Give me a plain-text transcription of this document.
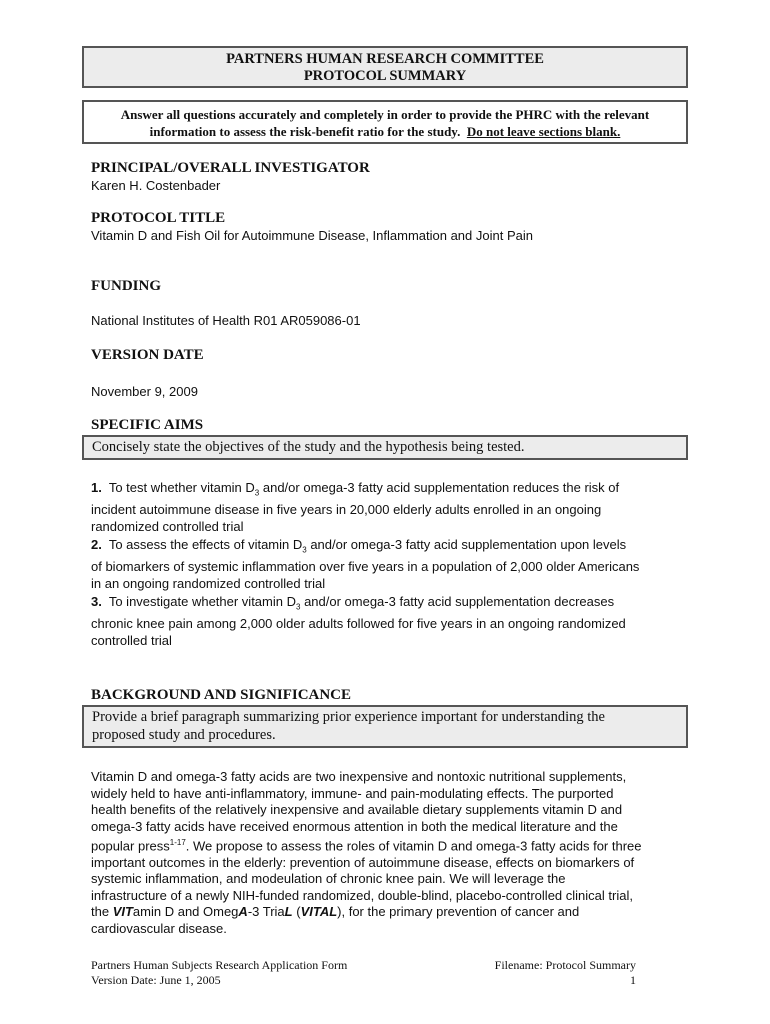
PARTNERS HUMAN RESEARCH COMMITTEE
PROTOCOL SUMMARY
Answer all questions accurately and completely in order to provide the PHRC with the relevant
information to assess the risk-benefit ratio for the study. Do not leave sections blank.
PRINCIPAL/OVERALL INVESTIGATOR
Karen H. Costenbader
PROTOCOL TITLE
Vitamin D and Fish Oil for Autoimmune Disease, Inflammation and Joint Pain
FUNDING
National Institutes of Health R01 AR059086-01
VERSION DATE
November 9, 2009
SPECIFIC AIMS
Concisely state the objectives of the study and the hypothesis being tested.
1. To test whether vitamin $D_3$ and/or omega-3 fatty acid supplementation reduces the risk of
incident autoimmune disease in five years in 20,000 elderly adults enrolled in an ongoing
randomized controlled trial
2. To assess the effects of vitamin $D_3$ and/or omega-3 fatty acid supplementation upon levels
of biomarkers of systemic inflammation over five years in a population of 2,000 older Americans
in an ongoing randomized controlled trial
3. To investigate whether vitamin $D_3$ and/or omega-3 fatty acid supplementation decreases
chronic knee pain among 2,000 older adults followed for five years in an ongoing randomized
controlled trial
BACKGROUND AND SIGNIFICANCE
Provide a brief paragraph summarizing prior experience important for understanding the
proposed study and procedures.
Vitamin D and omega-3 fatty acids are two inexpensive and nontoxic nutritional supplements,
widely held to have anti-inflammatory, immune- and pain-modulating effects. The purported
health benefits of the relatively inexpensive and available dietary supplements vitamin D and
omega-3 fatty acids have received enormous attention in both the medical literature and the
popular press$^{1-17}$. We propose to assess the roles of vitamin D and omega-3 fatty acids for three
important outcomes in the elderly: prevention of autoimmune disease, effects on biomarkers of
systemic inflammation, and modeulation of chronic knee pain. We will leverage the
infrastructure of a newly NIH-funded randomized, double-blind, placebo-controlled clinical trial,
the VITamin D and OmegA-3 TriaL (VITAL), for the primary prevention of cancer and
cardiovascular disease.
Partners Human Subjects Research Application Form
Version Date: June 1, 2005
Filename: Protocol Summary
1
